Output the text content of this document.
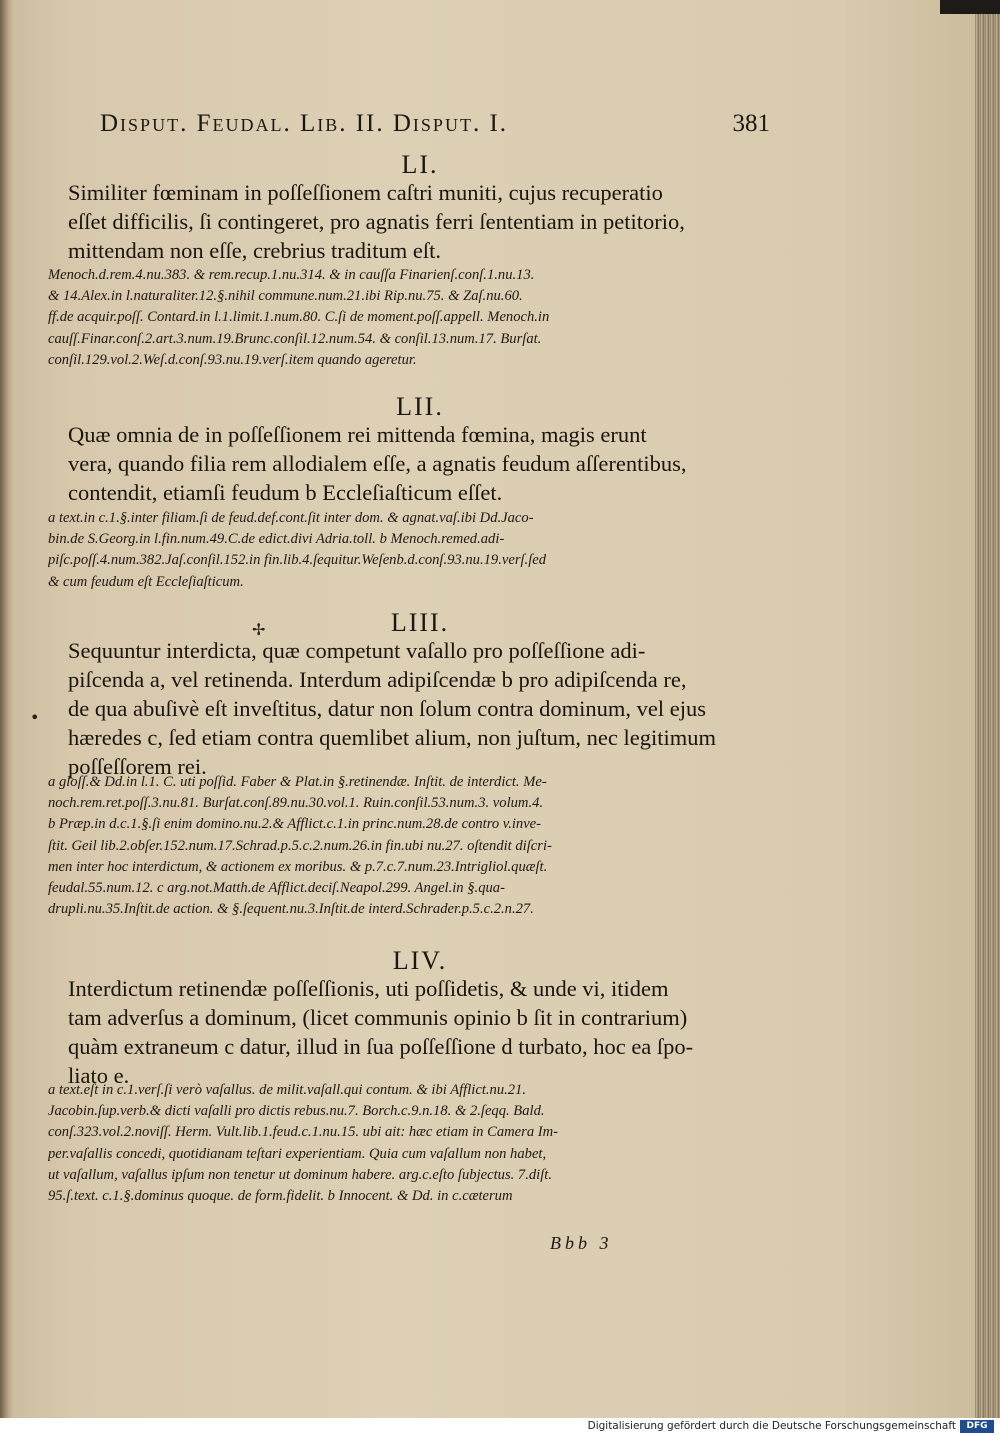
Disput. Feudal. Lib. II. Disput. I.	381
LI.
Similiter fœminam in poſſeſſionem caſtri muniti, cujus recuperatio
eſſet difficilis, ſi contingeret, pro agnatis ferri ſententiam in petitorio,
mittendam non eſſe, crebrius traditum eſt.
Menoch.d.rem.4.nu.383. & rem.recup.1.nu.314. & in cauſſa Finarienſ.conſ.1.nu.13.
& 14.Alex.in l.naturaliter.12.§.nihil commune.num.21.ibi Rip.nu.75. & Zaſ.nu.60.
ff.de acquir.poſſ. Contard.in l.1.limit.1.num.80. C.ſi de moment.poſſ.appell. Menoch.in
cauſſ.Finar.conſ.2.art.3.num.19.Brunc.conſil.12.num.54. & conſil.13.num.17. Burſat.
conſil.129.vol.2.Weſ.d.conſ.93.nu.19.verſ.item quando ageretur.
LII.
Quæ omnia de in poſſeſſionem rei mittenda fœmina, magis erunt
vera, quando filia rem allodialem eſſe, a agnatis feudum aſſerentibus,
contendit, etiamſi feudum b Eccleſiaſticum eſſet.
a text.in c.1.§.inter filiam.ſi de feud.def.cont.ſit inter dom. & agnat.vaſ.ibi Dd.Jaco-
bin.de S.Georg.in l.fin.num.49.C.de edict.divi Adria.toll. b Menoch.remed.adi-
piſc.poſſ.4.num.382.Jaſ.conſil.152.in fin.lib.4.ſequitur.Weſenb.d.conſ.93.nu.19.verſ.ſed
& cum feudum eſt Eccleſiaſticum.
✢	LIII.
Sequuntur interdicta, quæ competunt vaſallo pro poſſeſſione adi-
piſcenda a, vel retinenda. Interdum adipiſcendæ b pro adipiſcenda re,
de qua abuſivè eſt inveſtitus, datur non ſolum contra dominum, vel ejus
hæredes c, ſed etiam contra quemlibet alium, non juſtum, nec legitimum
poſſeſſorem rei.
•
a gloſſ.& Dd.in l.1. C. uti poſſid. Faber & Plat.in §.retinendæ. Inſtit. de interdict. Me-
noch.rem.ret.poſſ.3.nu.81. Burſat.conſ.89.nu.30.vol.1. Ruin.conſil.53.num.3. volum.4.
b Præp.in d.c.1.§.ſi enim domino.nu.2.& Afflict.c.1.in princ.num.28.de contro v.inve-
ſtit. Geil lib.2.obſer.152.num.17.Schrad.p.5.c.2.num.26.in fin.ubi nu.27. oſtendit diſcri-
men inter hoc interdictum, & actionem ex moribus. & p.7.c.7.num.23.Intrigliol.quæſt.
feudal.55.num.12. c arg.not.Matth.de Afflict.deciſ.Neapol.299. Angel.in §.qua-
drupli.nu.35.Inſtit.de action. & §.ſequent.nu.3.Inſtit.de interd.Schrader.p.5.c.2.n.27.
LIV.
Interdictum retinendæ poſſeſſionis, uti poſſidetis, & unde vi, itidem
tam adverſus a dominum, (licet communis opinio b ſit in contrarium)
quàm extraneum c datur, illud in ſua poſſeſſione d turbato, hoc ea ſpo-
liato e.
a text.eſt in c.1.verſ.ſi verò vaſallus. de milit.vaſall.qui contum. & ibi Afflict.nu.21.
Jacobin.ſup.verb.& dicti vaſalli pro dictis rebus.nu.7. Borch.c.9.n.18. & 2.ſeqq. Bald.
conſ.323.vol.2.noviſſ. Herm. Vult.lib.1.feud.c.1.nu.15. ubi ait: hæc etiam in Camera Im-
per.vaſallis concedi, quotidianam teſtari experientiam. Quia cum vaſallum non habet,
ut vaſallum, vaſallus ipſum non tenetur ut dominum habere. arg.c.eſto ſubjectus. 7.diſt.
95.ſ.text. c.1.§.dominus quoque. de form.fidelit. b Innocent. & Dd. in c.cæterum
Bbb 3
Digitalisierung gefördert durch die Deutsche Forschungsgemeinschaft	DFG
